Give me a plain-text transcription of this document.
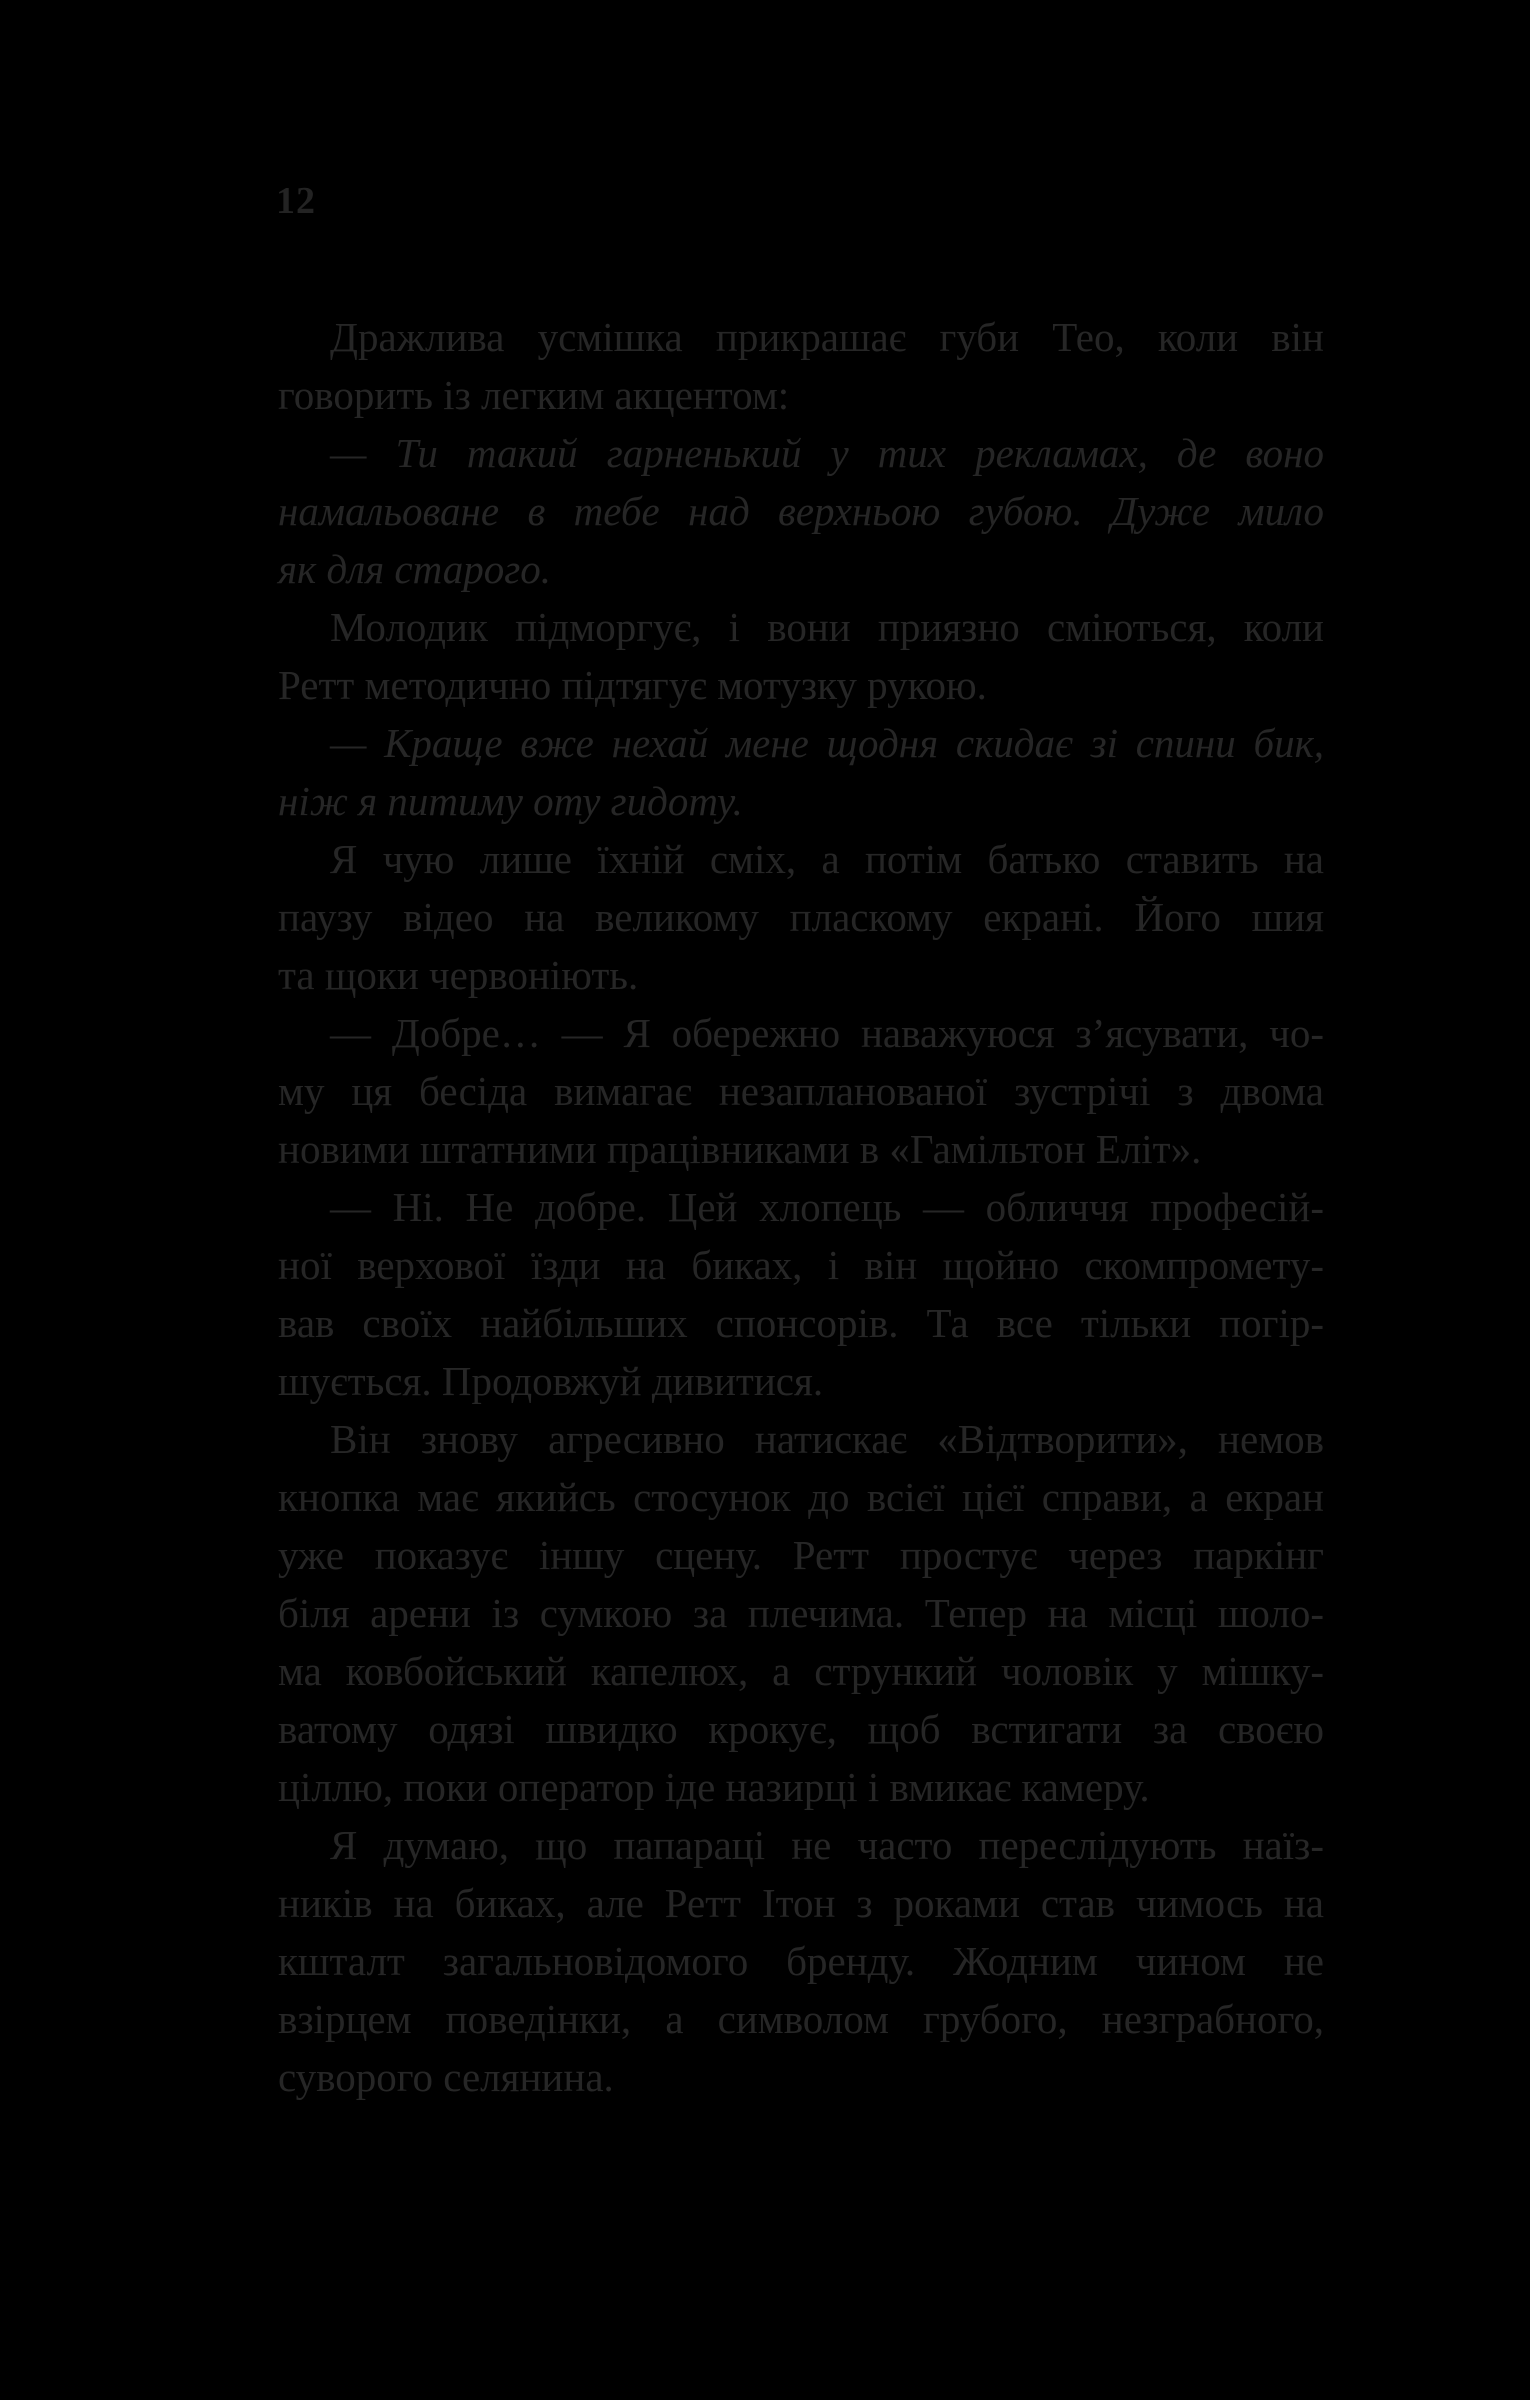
12

Дражлива усмішка прикрашає губи Тео, коли він
говорить із легким акцентом:

— Ти такий гарненький у тих рекламах, де воно
намальоване в тебе над верхньою губою. Дуже мило
як для старого.

Молодик підморгує, і вони приязно сміються, коли
Ретт методично підтягує мотузку рукою.

— Краще вже нехай мене щодня скидає зі спини бик,
ніж я питиму оту гидоту.

Я чую лише їхній сміх, а потім батько ставить на
паузу відео на великому пласкому екрані. Його шия
та щоки червоніють.

— Добре… — Я обережно наважуюся з’ясувати, чо-
му ця бесіда вимагає незапланованої зустрічі з двома
новими штатними працівниками в «Гамільтон Еліт».

— Ні. Не добре. Цей хлопець — обличчя професій-
ної верхової їзди на биках, і він щойно скомпромету-
вав своїх найбільших спонсорів. Та все тільки погір-
шується. Продовжуй дивитися.

Він знову агресивно натискає «Відтворити», немов
кнопка має якийсь стосунок до всієї цієї справи, а екран
уже показує іншу сцену. Ретт простує через паркінг
біля арени із сумкою за плечима. Тепер на місці шоло-
ма ковбойський капелюх, а стрункий чоловік у мішку-
ватому одязі швидко крокує, щоб встигати за своєю
ціллю, поки оператор іде назирці і вмикає камеру.

Я думаю, що папараці не часто переслідують наїз-
ників на биках, але Ретт Ітон з роками став чимось на
кшталт загальновідомого бренду. Жодним чином не
взірцем поведінки, а символом грубого, незграбного,
суворого селянина.
